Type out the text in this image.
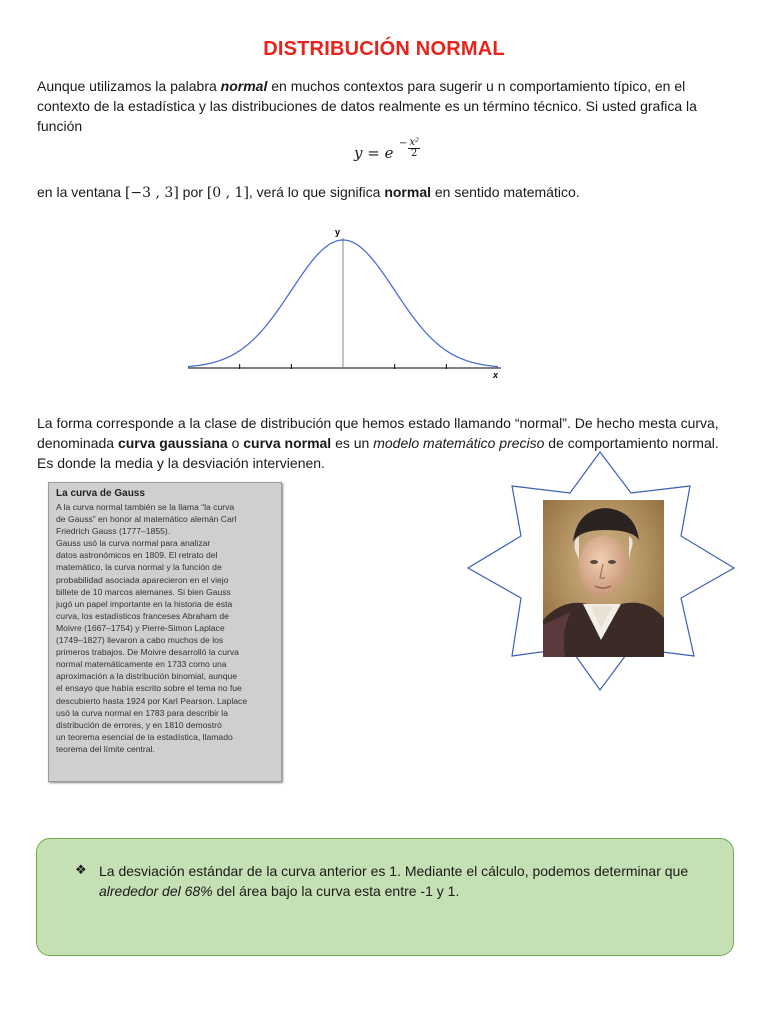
DISTRIBUCIÓN NORMAL
Aunque utilizamos la palabra normal en muchos contextos para sugerir u n comportamiento típico, en el contexto de la estadística y las distribuciones de datos realmente es un término técnico. Si usted grafica la función
y = e
− $\frac{\text{x²}}{2}$
en la ventana [−3 , 3] por [0 , 1], verá lo que significa normal en sentido matemático.
y
x
La forma corresponde a la clase de distribución que hemos estado llamando “normal”. De hecho mesta curva, denominada curva gaussiana o curva normal es un modelo matemático preciso de comportamiento normal. Es donde la media y la desviación intervienen.
La curva de Gauss
A la curva normal también se la llama “la curva
de Gauss” en honor al matemático alemán Carl
Friedrich Gauss (1777–1855).
Gauss usó la curva normal para analizar
datos astronómicos en 1809. El retrato del
matemático, la curva normal y la función de
probabilidad asociada aparecieron en el viejo
billete de 10 marcos alemanes. Si bien Gauss
jugó un papel importante en la historia de esta
curva, los estadísticos franceses Abraham de
Moivre (1667–1754) y Pierre-Simon Laplace
(1749–1827) llevaron a cabo muchos de los
primeros trabajos. De Moivre desarrolló la curva
normal matemáticamente en 1733 como una
aproximación a la distribución binomial, aunque
el ensayo que había escrito sobre el tema no fue
descubierto hasta 1924 por Karl Pearson. Laplace
usó la curva normal en 1783 para describir la
distribución de errores, y en 1810 demostró
un teorema esencial de la estadística, llamado
teorema del límite central.
❖ La desviación estándar de la curva anterior es 1. Mediante el cálculo, podemos determinar que alrededor del 68% del área bajo la curva esta entre -1 y 1.
